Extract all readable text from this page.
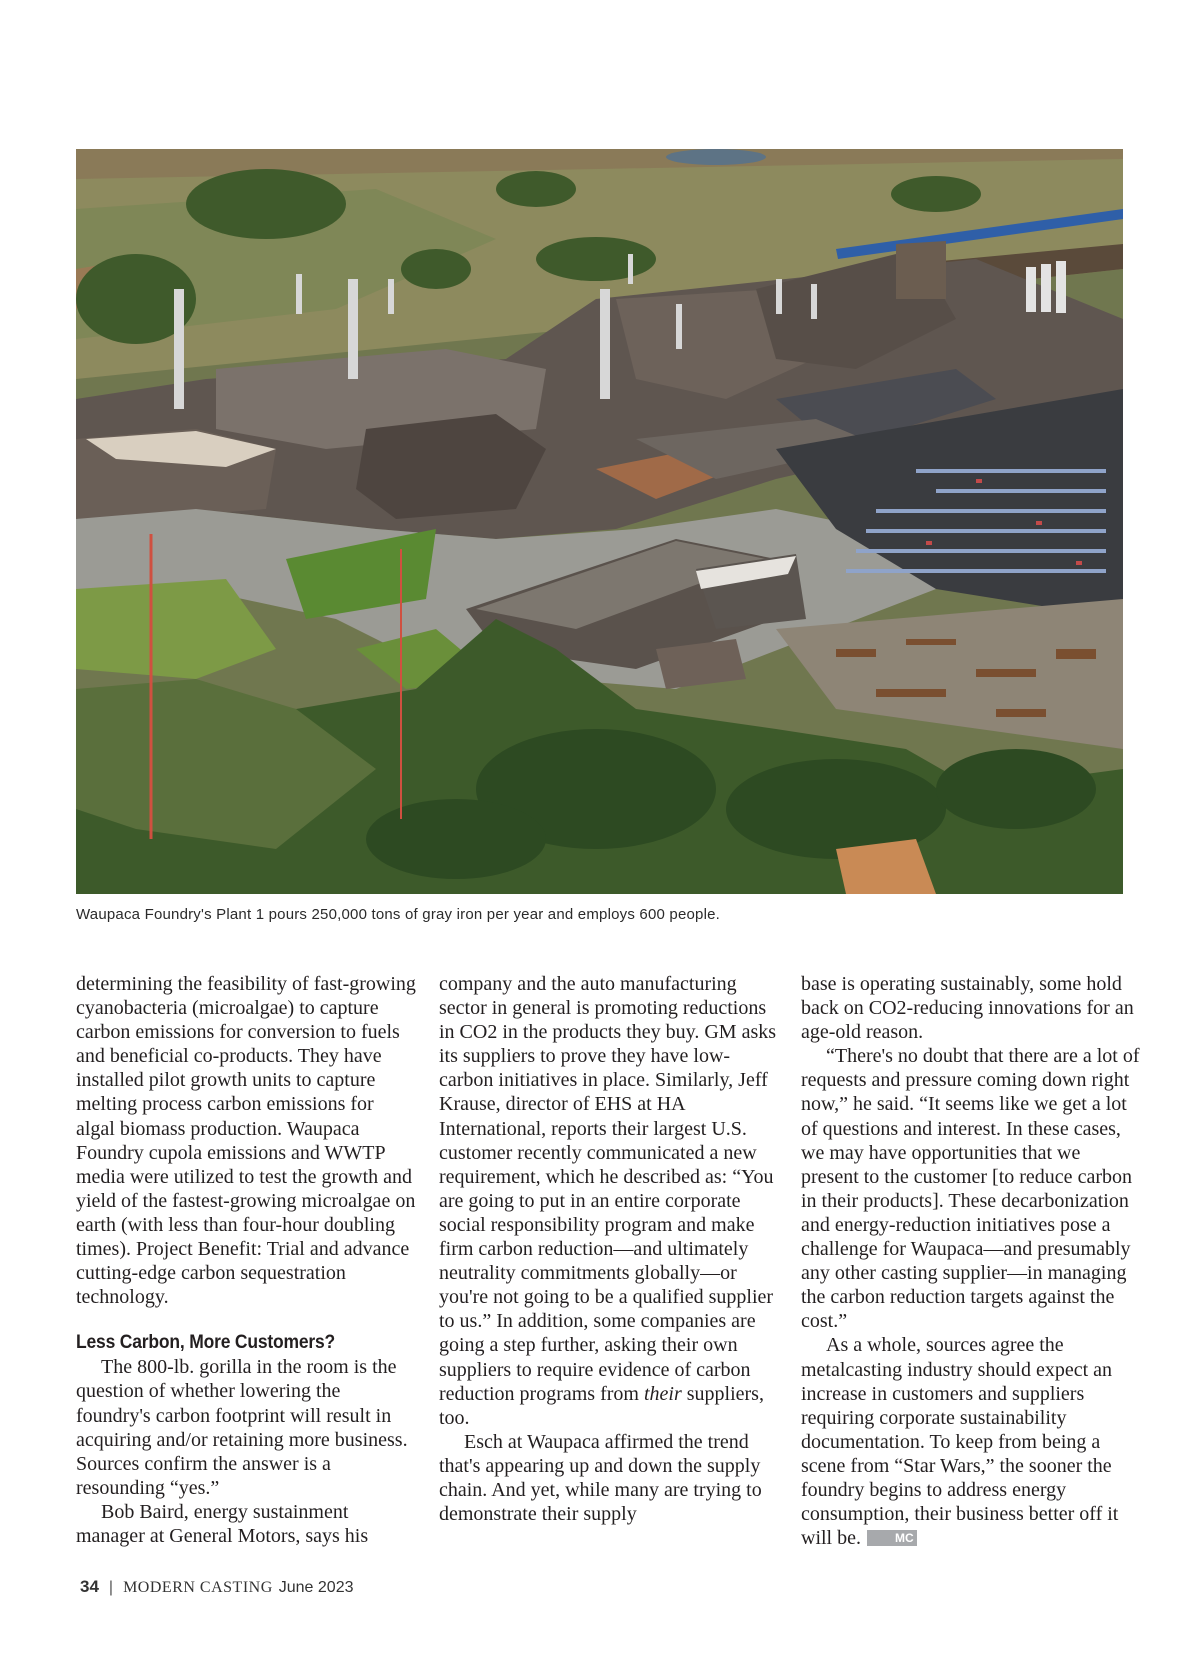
Waupaca Foundry's Plant 1 pours 250,000 tons of gray iron per year and employs 600 people.

determining the feasibility of fast-growing cyanobacteria (microalgae) to capture carbon emissions for conversion to fuels and beneficial co-products. They have installed pilot growth units to capture melting process carbon emissions for algal biomass production. Waupaca Foundry cupola emissions and WWTP media were utilized to test the growth and yield of the fastest-growing microalgae on earth (with less than four-hour doubling times). Project Benefit: Trial and advance cutting-edge carbon sequestration technology.

Less Carbon, More Customers?

The 800-lb. gorilla in the room is the question of whether lowering the foundry's carbon footprint will result in acquiring and/or retaining more business. Sources confirm the answer is a resounding “yes.”

Bob Baird, energy sustainment manager at General Motors, says his

company and the auto manufacturing sector in general is promoting reductions in CO2 in the products they buy. GM asks its suppliers to prove they have low-carbon initiatives in place. Similarly, Jeff Krause, director of EHS at HA International, reports their largest U.S. customer recently communicated a new requirement, which he described as: “You are going to put in an entire corporate social responsibility program and make firm carbon reduction—and ultimately neutrality commitments globally—or you're not going to be a qualified supplier to us.” In addition, some companies are going a step further, asking their own suppliers to require evidence of carbon reduction programs from their suppliers, too.

Esch at Waupaca affirmed the trend that's appearing up and down the supply chain. And yet, while many are trying to demonstrate their supply

base is operating sustainably, some hold back on CO2-reducing innovations for an age-old reason.

“There's no doubt that there are a lot of requests and pressure coming down right now,” he said. “It seems like we get a lot of questions and interest. In these cases, we may have opportunities that we present to the customer [to reduce carbon in their products]. These decarbonization and energy-reduction initiatives pose a challenge for Waupaca—and presumably any other casting supplier—in managing the carbon reduction targets against the cost.”

As a whole, sources agree the metalcasting industry should expect an increase in customers and suppliers requiring corporate sustainability documentation. To keep from being a scene from “Star Wars,” the sooner the foundry begins to address energy consumption, their business better off it will be.	MC

34 | MODERN CASTING June 2023
